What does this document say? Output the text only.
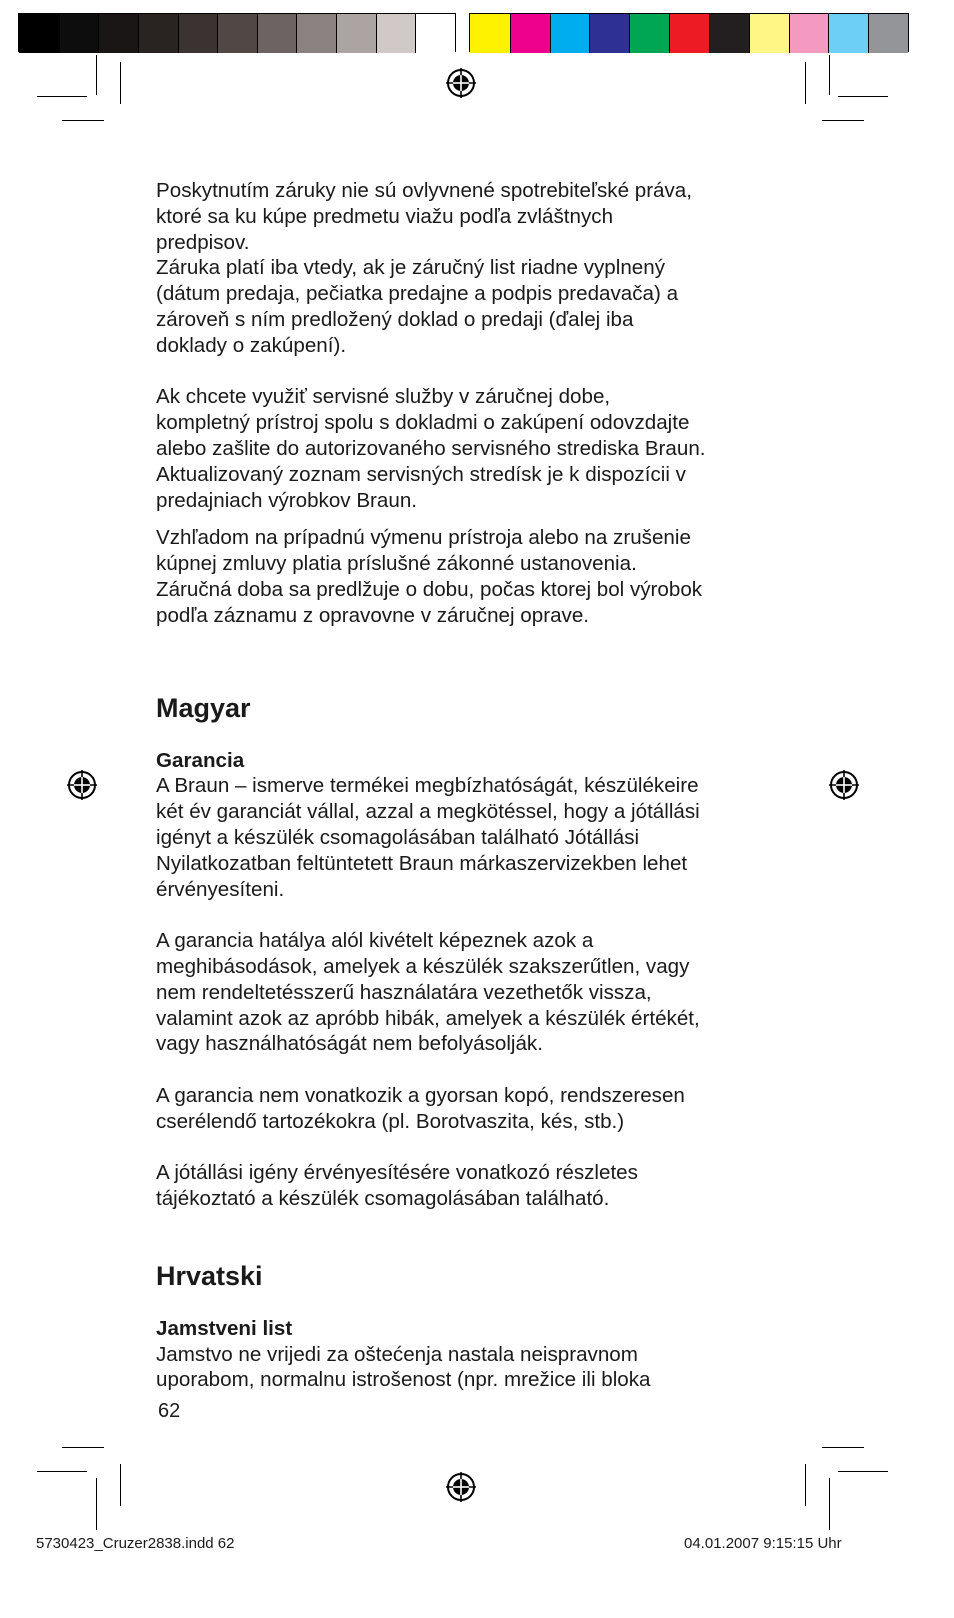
Poskytnutím záruky nie sú ovlyvnené spotrebiteľské práva,
ktoré sa ku kúpe predmetu viažu podľa zvláštnych
predpisov.

Záruka platí iba vtedy, ak je záručný list riadne vyplnený
(dátum predaja, pečiatka predajne a podpis predavača) a
zároveň s ním predložený doklad o predaji (ďalej iba
doklady o zakúpení).

Ak chcete využiť servisné služby v záručnej dobe,
kompletný prístroj spolu s dokladmi o zakúpení odovzdajte
alebo zašlite do autorizovaného servisného strediska Braun.
Aktualizovaný zoznam servisných stredísk je k dispozícii v
predajniach výrobkov Braun.

Vzhľadom na prípadnú výmenu prístroja alebo na zrušenie
kúpnej zmluvy platia príslušné zákonné ustanovenia.
Záručná doba sa predlžuje o dobu, počas ktorej bol výrobok
podľa záznamu z opravovne v záručnej oprave.

Magyar
Garancia

A Braun – ismerve termékei megbízhatóságát, készülékeire
két év garanciát vállal, azzal a megkötéssel, hogy a jótállási
igényt a készülék csomagolásában található Jótállási
Nyilatkozatban feltüntetett Braun márkaszervizekben lehet
érvényesíteni.

A garancia hatálya alól kivételt képeznek azok a
meghibásodások, amelyek a készülék szakszerűtlen, vagy
nem rendeltetésszerű használatára vezethetők vissza,
valamint azok az apróbb hibák, amelyek a készülék értékét,
vagy használhatóságát nem befolyásolják.

A garancia nem vonatkozik a gyorsan kopó, rendszeresen
cserélendő tartozékokra (pl. Borotvaszita, kés, stb.)

A jótállási igény érvényesítésére vonatkozó részletes
tájékoztató a készülék csomagolásában található.

Hrvatski
Jamstveni list

Jamstvo ne vrijedi za oštećenja nastala neispravnom
uporabom, normalnu istrošenost (npr. mrežice ili bloka

62
5730423_Cruzer2838.indd 62	04.01.2007 9:15:15 Uhr
